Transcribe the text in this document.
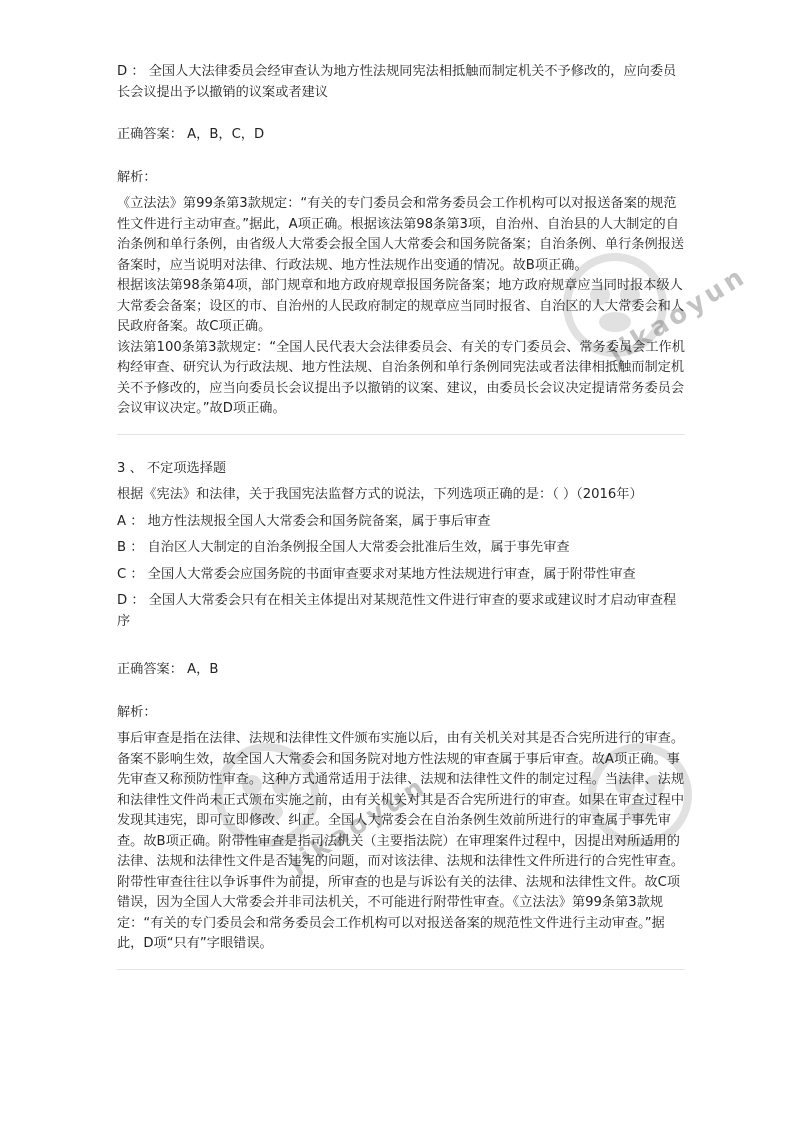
jikaoyun
jikaoyun

D ： 全国人大法律委员会经审查认为地方性法规同宪法相抵触而制定机关不予修改的，应向委员长会议提出予以撤销的议案或者建议

正确答案： A，B，C，D

解析：

《立法法》第99条第3款规定：“有关的专门委员会和常务委员会工作机构可以对报送备案的规范性文件进行主动审查。”据此，A项正确。根据该法第98条第3项，自治州、自治县的人大制定的自治条例和单行条例，由省级人大常委会报全国人大常委会和国务院备案；自治条例、单行条例报送备案时，应当说明对法律、行政法规、地方性法规作出变通的情况。故B项正确。

根据该法第98条第4项，部门规章和地方政府规章报国务院备案；地方政府规章应当同时报本级人大常委会备案；设区的市、自治州的人民政府制定的规章应当同时报省、自治区的人大常委会和人民政府备案。故C项正确。

该法第100条第3款规定：“全国人民代表大会法律委员会、有关的专门委员会、常务委员会工作机构经审查、研究认为行政法规、地方性法规、自治条例和单行条例同宪法或者法律相抵触而制定机关不予修改的，应当向委员长会议提出予以撤销的议案、建议，由委员长会议决定提请常务委员会会议审议决定。”故D项正确。

3 、 不定项选择题

根据《宪法》和法律，关于我国宪法监督方式的说法，下列选项正确的是：（ ）（2016年）

A ： 地方性法规报全国人大常委会和国务院备案，属于事后审查

B ： 自治区人大制定的自治条例报全国人大常委会批准后生效，属于事先审查

C ： 全国人大常委会应国务院的书面审查要求对某地方性法规进行审查，属于附带性审查

D ： 全国人大常委会只有在相关主体提出对某规范性文件进行审查的要求或建议时才启动审查程序

正确答案： A，B

解析：

事后审查是指在法律、法规和法律性文件颁布实施以后，由有关机关对其是否合宪所进行的审查。备案不影响生效，故全国人大常委会和国务院对地方性法规的审查属于事后审查。故A项正确。事先审查又称预防性审查。这种方式通常适用于法律、法规和法律性文件的制定过程。当法律、法规和法律性文件尚未正式颁布实施之前，由有关机关对其是否合宪所进行的审查。如果在审查过程中发现其违宪，即可立即修改、纠正。全国人大常委会在自治条例生效前所进行的审查属于事先审查。故B项正确。附带性审查是指司法机关（主要指法院）在审理案件过程中，因提出对所适用的法律、法规和法律性文件是否违宪的问题，而对该法律、法规和法律性文件所进行的合宪性审查。附带性审查往往以争诉事件为前提，所审查的也是与诉讼有关的法律、法规和法律性文件。故C项错误，因为全国人大常委会并非司法机关，不可能进行附带性审查。《立法法》第99条第3款规定：“有关的专门委员会和常务委员会工作机构可以对报送备案的规范性文件进行主动审查。”据此，D项“只有”字眼错误。
